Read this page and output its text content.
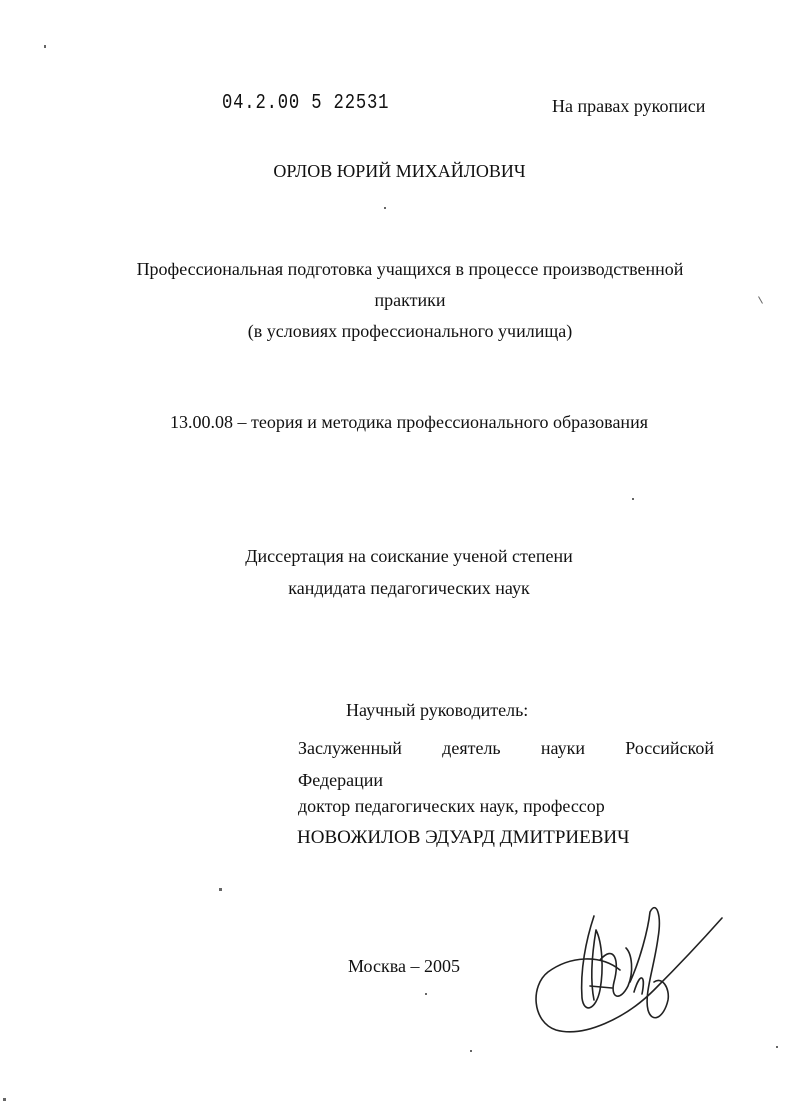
04.2.00 5 22531	На правах рукописи
ОРЛОВ ЮРИЙ МИХАЙЛОВИЧ
Профессиональная подготовка учащихся в процессе производственной практики
(в условиях профессионального училища)
13.00.08 – теория и методика профессионального образования
Диссертация на соискание ученой степени
кандидата педагогических наук
Научный руководитель:
Заслуженный деятель науки Российской
Федерации
доктор педагогических наук, профессор
НОВОЖИЛОВ ЭДУАРД ДМИТРИЕВИЧ
Москва – 2005
